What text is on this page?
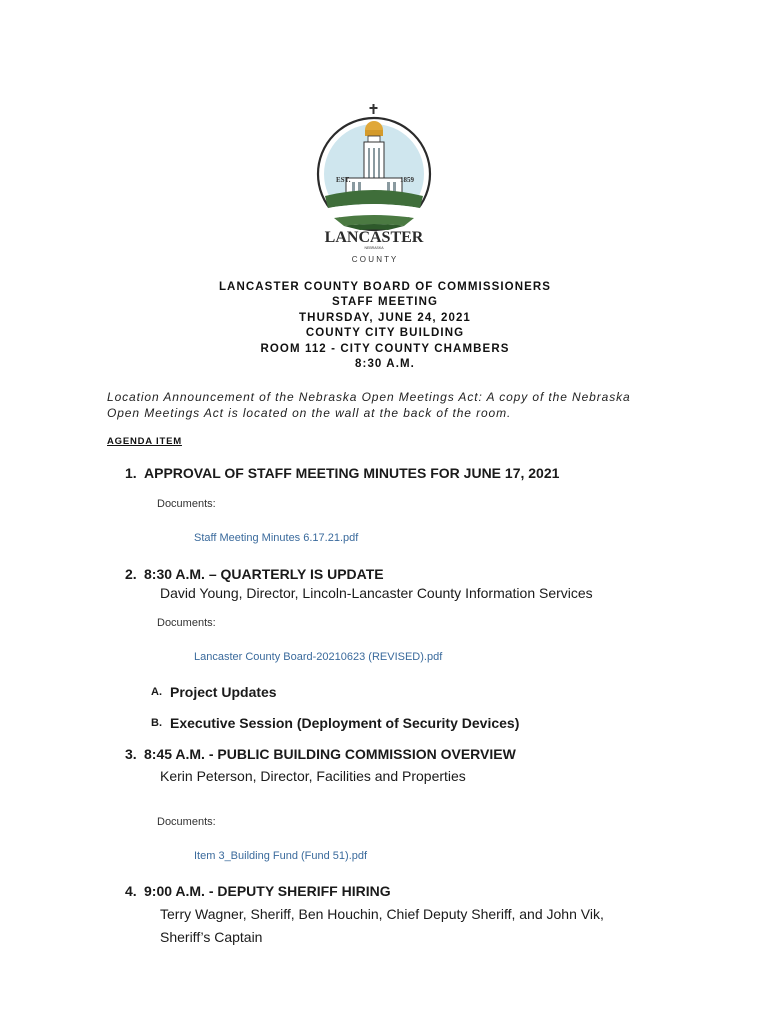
EST.	1859
LANCASTER
NEBRASKA
C O U N T Y
LANCASTER COUNTY BOARD OF COMMISSIONERS
STAFF MEETING
THURSDAY, JUNE 24, 2021
COUNTY CITY BUILDING
ROOM 112 - CITY COUNTY CHAMBERS
8:30 A.M.
Location Announcement of the Nebraska Open Meetings Act: A copy of the Nebraska
Open Meetings Act is located on the wall at the back of the room.
AGENDA ITEM
1. APPROVAL OF STAFF MEETING MINUTES FOR JUNE 17, 2021
Documents:
Staff Meeting Minutes 6.17.21.pdf
2. 8:30 A.M. – QUARTERLY IS UPDATE
David Young, Director, Lincoln-Lancaster County Information Services
Documents:
Lancaster County Board-20210623 (REVISED).pdf
A. Project Updates
B. Executive Session (Deployment of Security Devices)
3. 8:45 A.M. - PUBLIC BUILDING COMMISSION OVERVIEW
Kerin Peterson, Director, Facilities and Properties
Documents:
Item 3_Building Fund (Fund 51).pdf
4. 9:00 A.M. - DEPUTY SHERIFF HIRING
Terry Wagner, Sheriff, Ben Houchin, Chief Deputy Sheriff, and John Vik,
Sheriff’s Captain
